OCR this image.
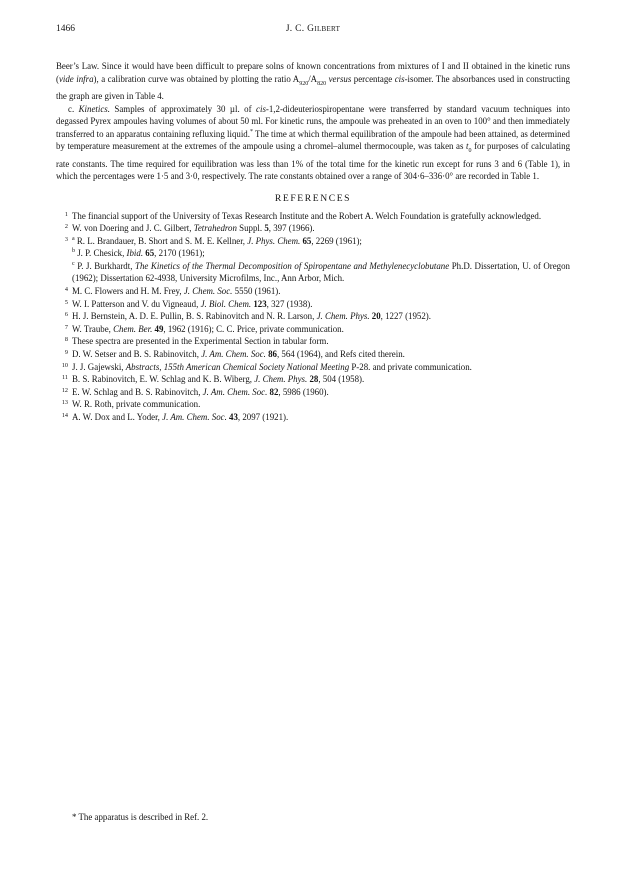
1466	J. C. Gilbert

Beer’s Law. Since it would have been difficult to prepare solns of known concentrations from mixtures of I and II obtained in the kinetic runs (vide infra), a calibration curve was obtained by plotting the ratio $A_{920}/A_{820}$ versus percentage cis-isomer. The absorbances used in constructing the graph are given in Table 4.

c. Kinetics. Samples of approximately 30 µl. of cis-1,2-dideuteriospiropentane were transferred by standard vacuum techniques into degassed Pyrex ampoules having volumes of about 50 ml. For kinetic runs, the ampoule was preheated in an oven to 100° and then immediately transferred to an apparatus containing refluxing liquid.* The time at which thermal equilibration of the ampoule had been attained, as determined by temperature measurement at the extremes of the ampoule using a chromel–alumel thermocouple, was taken as $t_0$ for purposes of calculating rate constants. The time required for equilibration was less than 1% of the total time for the kinetic run except for runs 3 and 6 (Table 1), in which the percentages were 1·5 and 3·0, respectively. The rate constants obtained over a range of 304·6–336·0° are recorded in Table 1.

REFERENCES
1 The financial support of the University of Texas Research Institute and the Robert A. Welch Foundation is gratefully acknowledged.
2 W. von Doering and J. C. Gilbert, Tetrahedron Suppl. 5, 397 (1966).
3 $^a$ R. L. Brandauer, B. Short and S. M. E. Kellner, J. Phys. Chem. 65, 2269 (1961);
$^b$ J. P. Chesick, Ibid. 65, 2170 (1961);
$^c$ P. J. Burkhardt, The Kinetics of the Thermal Decomposition of Spiropentane and Methylenecyclobutane Ph.D. Dissertation, U. of Oregon (1962); Dissertation 62-4938, University Microfilms, Inc., Ann Arbor, Mich.
4 M. C. Flowers and H. M. Frey, J. Chem. Soc. 5550 (1961).
5 W. I. Patterson and V. du Vigneaud, J. Biol. Chem. 123, 327 (1938).
6 H. J. Bernstein, A. D. E. Pullin, B. S. Rabinovitch and N. R. Larson, J. Chem. Phys. 20, 1227 (1952).
7 W. Traube, Chem. Ber. 49, 1962 (1916); C. C. Price, private communication.
8 These spectra are presented in the Experimental Section in tabular form.
9 D. W. Setser and B. S. Rabinovitch, J. Am. Chem. Soc. 86, 564 (1964), and Refs cited therein.
10 J. J. Gajewski, Abstracts, 155th American Chemical Society National Meeting P-28. and private communication.
11 B. S. Rabinovitch, E. W. Schlag and K. B. Wiberg, J. Chem. Phys. 28, 504 (1958).
12 E. W. Schlag and B. S. Rabinovitch, J. Am. Chem. Soc. 82, 5986 (1960).
13 W. R. Roth, private communication.
14 A. W. Dox and L. Yoder, J. Am. Chem. Soc. 43, 2097 (1921).
* The apparatus is described in Ref. 2.
